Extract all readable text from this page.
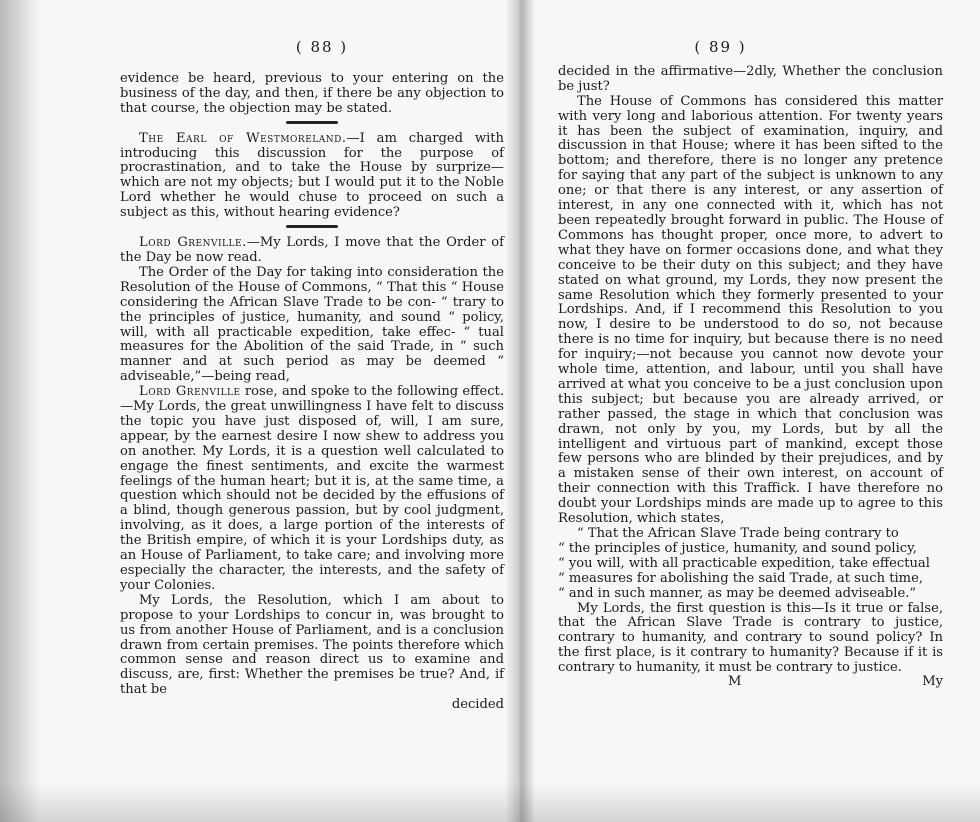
( 88 )

evidence be heard, previous to your entering on the business of the day, and then, if there be any objection to that course, the objection may be stated.

The Earl of Westmoreland.—I am charged with introducing this discussion for the purpose of procrastination, and to take the House by surprize—which are not my objects; but I would put it to the Noble Lord whether he would chuse to proceed on such a subject as this, without hearing evidence?

Lord Grenville.—My Lords, I move that the Order of the Day be now read.

The Order of the Day for taking into consideration the Resolution of the House of Commons, “ That this “ House considering the African Slave Trade to be con- “ trary to the principles of justice, humanity, and sound “ policy, will, with all practicable expedition, take effec- “ tual measures for the Abolition of the said Trade, in “ such manner and at such period as may be deemed “ adviseable,”—being read,

Lord Grenville rose, and spoke to the following effect.—My Lords, the great unwillingness I have felt to discuss the topic you have just disposed of, will, I am sure, appear, by the earnest desire I now shew to address you on another. My Lords, it is a question well calculated to engage the finest sentiments, and excite the warmest feelings of the human heart; but it is, at the same time, a question which should not be decided by the effusions of a blind, though generous passion, but by cool judgment, involving, as it does, a large portion of the interests of the British empire, of which it is your Lordships duty, as an House of Parliament, to take care; and involving more especially the character, the interests, and the safety of your Colonies.

My Lords, the Resolution, which I am about to propose to your Lordships to concur in, was brought to us from another House of Parliament, and is a conclusion drawn from certain premises. The points therefore which common sense and reason direct us to examine and discuss, are, first: Whether the premises be true? And, if that be

decided

( 89 )

decided in the affirmative—2dly, Whether the conclusion be just?

The House of Commons has considered this matter with very long and laborious attention. For twenty years it has been the subject of examination, inquiry, and discussion in that House; where it has been sifted to the bottom; and therefore, there is no longer any pretence for saying that any part of the subject is unknown to any one; or that there is any interest, or any assertion of interest, in any one connected with it, which has not been repeatedly brought forward in public. The House of Commons has thought proper, once more, to advert to what they have on former occasions done, and what they conceive to be their duty on this subject; and they have stated on what ground, my Lords, they now present the same Resolution which they formerly presented to your Lordships. And, if I recommend this Resolution to you now, I desire to be understood to do so, not because there is no time for inquiry, but because there is no need for inquiry;—not because you cannot now devote your whole time, attention, and labour, until you shall have arrived at what you conceive to be a just conclusion upon this subject; but because you are already arrived, or rather passed, the stage in which that conclusion was drawn, not only by you, my Lords, but by all the intelligent and virtuous part of mankind, except those few persons who are blinded by their prejudices, and by a mistaken sense of their own interest, on account of their connection with this Traffick. I have therefore no doubt your Lordships minds are made up to agree to this Resolution, which states,

“ That the African Slave Trade being contrary to

“ the principles of justice, humanity, and sound policy,

“ you will, with all practicable expedition, take effectual

“ measures for abolishing the said Trade, at such time,

“ and in such manner, as may be deemed adviseable.”

My Lords, the first question is this—Is it true or false, that the African Slave Trade is contrary to justice, contrary to humanity, and contrary to sound policy? In the first place, is it contrary to humanity? Because if it is contrary to humanity, it must be contrary to justice.

M	My
